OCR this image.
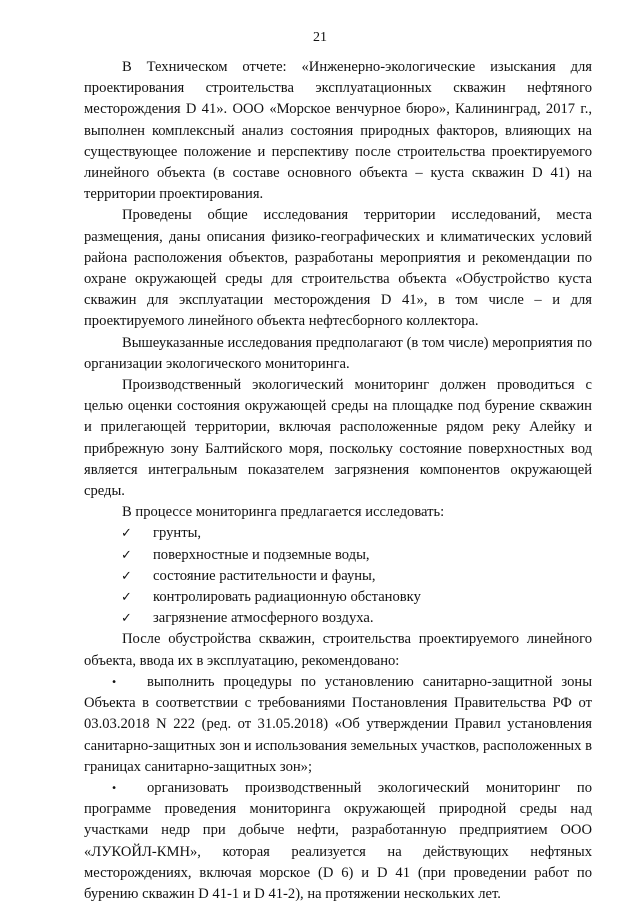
21

В Техническом отчете: «Инженерно-экологические изыскания для проектирования строительства эксплуатационных скважин нефтяного месторождения D 41». ООО «Морское венчурное бюро», Калининград, 2017 г., выполнен комплексный анализ состояния природных факторов, влияющих на существующее положение и перспективу после строительства проектируемого линейного объекта (в составе основного объекта – куста скважин D 41) на территории проектирования.

Проведены общие исследования территории исследований, места размещения, даны описания физико-географических и климатических условий района расположения объектов, разработаны мероприятия и рекомендации по охране окружающей среды для строительства объекта «Обустройство куста скважин для эксплуатации месторождения D 41», в том числе – и для проектируемого линейного объекта нефтесборного коллектора.

Вышеуказанные исследования предполагают (в том числе) мероприятия по организации экологического мониторинга.

Производственный экологический мониторинг должен проводиться с целью оценки состояния окружающей среды на площадке под бурение скважин и прилегающей территории, включая расположенные рядом реку Алейку и прибрежную зону Балтийского моря, поскольку состояние поверхностных вод является интегральным показателем загрязнения компонентов окружающей среды.

В процессе мониторинга предлагается исследовать:

✓ грунты,
✓ поверхностные и подземные воды,
✓ состояние растительности и фауны,
✓ контролировать радиационную обстановку
✓ загрязнение атмосферного воздуха.

После обустройства скважин, строительства проектируемого линейного объекта, ввода их в эксплуатацию, рекомендовано:

• выполнить процедуры по установлению санитарно-защитной зоны Объекта в соответствии с требованиями Постановления Правительства РФ от 03.03.2018 N 222 (ред. от 31.05.2018) «Об утверждении Правил установления санитарно-защитных зон и использования земельных участков, расположенных в границах санитарно-защитных зон»;
• организовать производственный экологический мониторинг по программе проведения мониторинга окружающей природной среды над участками недр при добыче нефти, разработанную предприятием ООО «ЛУКОЙЛ-КМН», которая реализуется на действующих нефтяных месторождениях, включая морское (D 6) и D 41 (при проведении работ по бурению скважин D 41-1 и D 41-2), на протяжении нескольких лет.
